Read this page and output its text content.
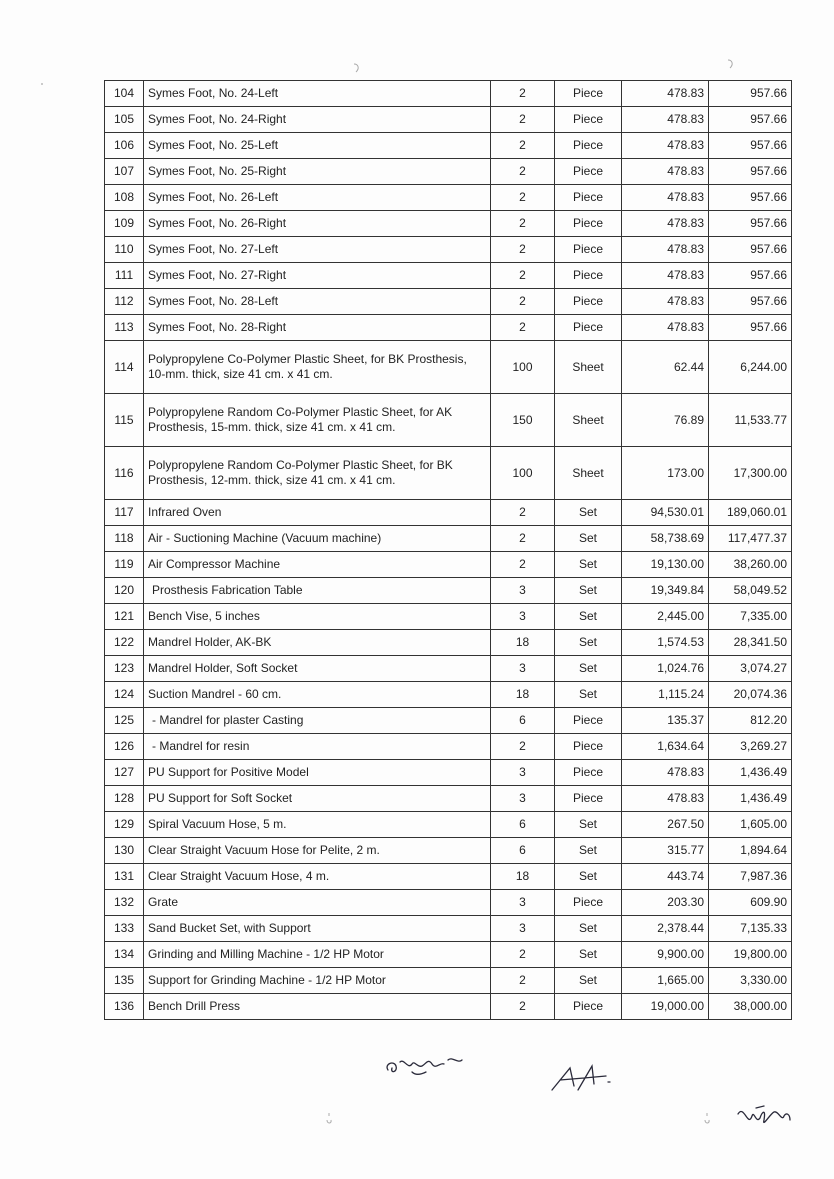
104	Symes Foot, No. 24-Left	2	Piece	478.83	957.66
105	Symes Foot, No. 24-Right	2	Piece	478.83	957.66
106	Symes Foot, No. 25-Left	2	Piece	478.83	957.66
107	Symes Foot, No. 25-Right	2	Piece	478.83	957.66
108	Symes Foot, No. 26-Left	2	Piece	478.83	957.66
109	Symes Foot, No. 26-Right	2	Piece	478.83	957.66
110	Symes Foot, No. 27-Left	2	Piece	478.83	957.66
111	Symes Foot, No. 27-Right	2	Piece	478.83	957.66
112	Symes Foot, No. 28-Left	2	Piece	478.83	957.66
113	Symes Foot, No. 28-Right	2	Piece	478.83	957.66
114	Polypropylene Co-Polymer Plastic Sheet, for BK Prosthesis, 10-mm. thick, size 41 cm. x 41 cm.	100	Sheet	62.44	6,244.00
115	Polypropylene Random Co-Polymer Plastic Sheet, for AK Prosthesis, 15-mm. thick, size 41 cm. x 41 cm.	150	Sheet	76.89	11,533.77
116	Polypropylene Random Co-Polymer Plastic Sheet, for BK Prosthesis, 12-mm. thick, size 41 cm. x 41 cm.	100	Sheet	173.00	17,300.00
117	Infrared Oven	2	Set	94,530.01	189,060.01
118	Air - Suctioning Machine (Vacuum machine)	2	Set	58,738.69	117,477.37
119	Air Compressor Machine	2	Set	19,130.00	38,260.00
120	Prosthesis Fabrication Table	3	Set	19,349.84	58,049.52
121	Bench Vise, 5 inches	3	Set	2,445.00	7,335.00
122	Mandrel Holder, AK-BK	18	Set	1,574.53	28,341.50
123	Mandrel Holder, Soft Socket	3	Set	1,024.76	3,074.27
124	Suction Mandrel - 60 cm.	18	Set	1,115.24	20,074.36
125	- Mandrel for plaster Casting	6	Piece	135.37	812.20
126	- Mandrel for resin	2	Piece	1,634.64	3,269.27
127	PU Support for Positive Model	3	Piece	478.83	1,436.49
128	PU Support for Soft Socket	3	Piece	478.83	1,436.49
129	Spiral Vacuum Hose, 5 m.	6	Set	267.50	1,605.00
130	Clear Straight Vacuum Hose for Pelite, 2 m.	6	Set	315.77	1,894.64
131	Clear Straight Vacuum Hose, 4 m.	18	Set	443.74	7,987.36
132	Grate	3	Piece	203.30	609.90
133	Sand Bucket Set, with Support	3	Set	2,378.44	7,135.33
134	Grinding and Milling Machine - 1/2 HP Motor	2	Set	9,900.00	19,800.00
135	Support for Grinding Machine - 1/2 HP Motor	2	Set	1,665.00	3,330.00
136	Bench Drill Press	2	Piece	19,000.00	38,000.00
